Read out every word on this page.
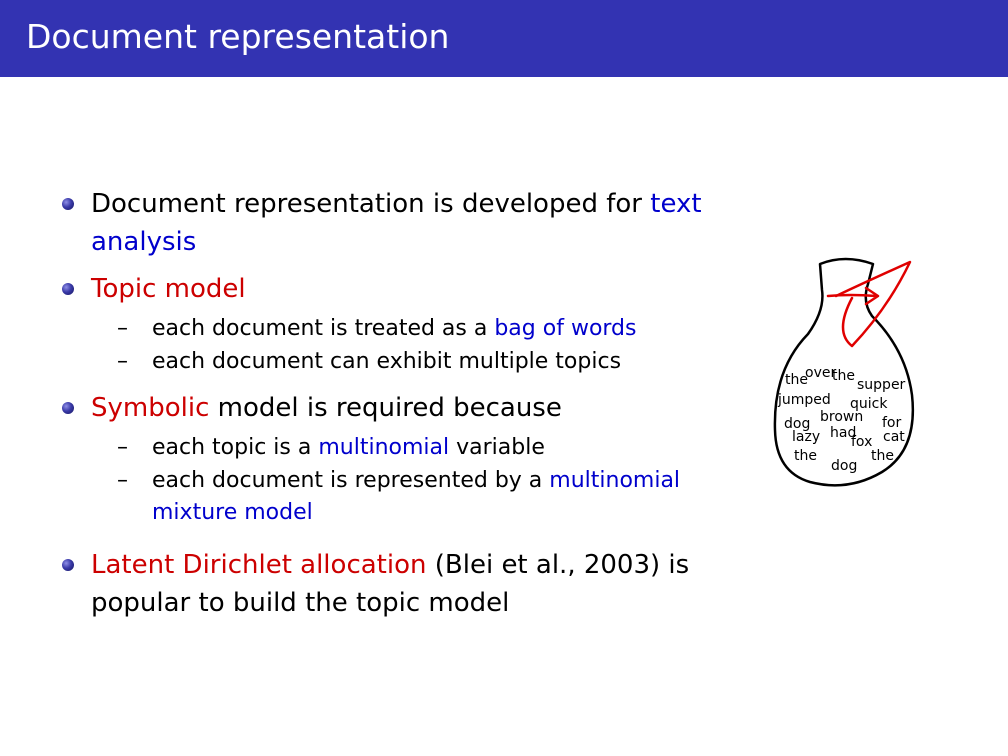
Document representation
Document representation is developed for text
analysis
Topic model
– each document is treated as a bag of words
– each document can exhibit multiple topics
Symbolic model is required because
– each topic is a multinomial variable
– each document is represented by a multinomial
mixture model
Latent Dirichlet allocation (Blei et al., 2003) is
popular to build the topic model
the
over
the
supper
jumped quick
brown
dog	for
lazy had
fox cat
the
dog
the
